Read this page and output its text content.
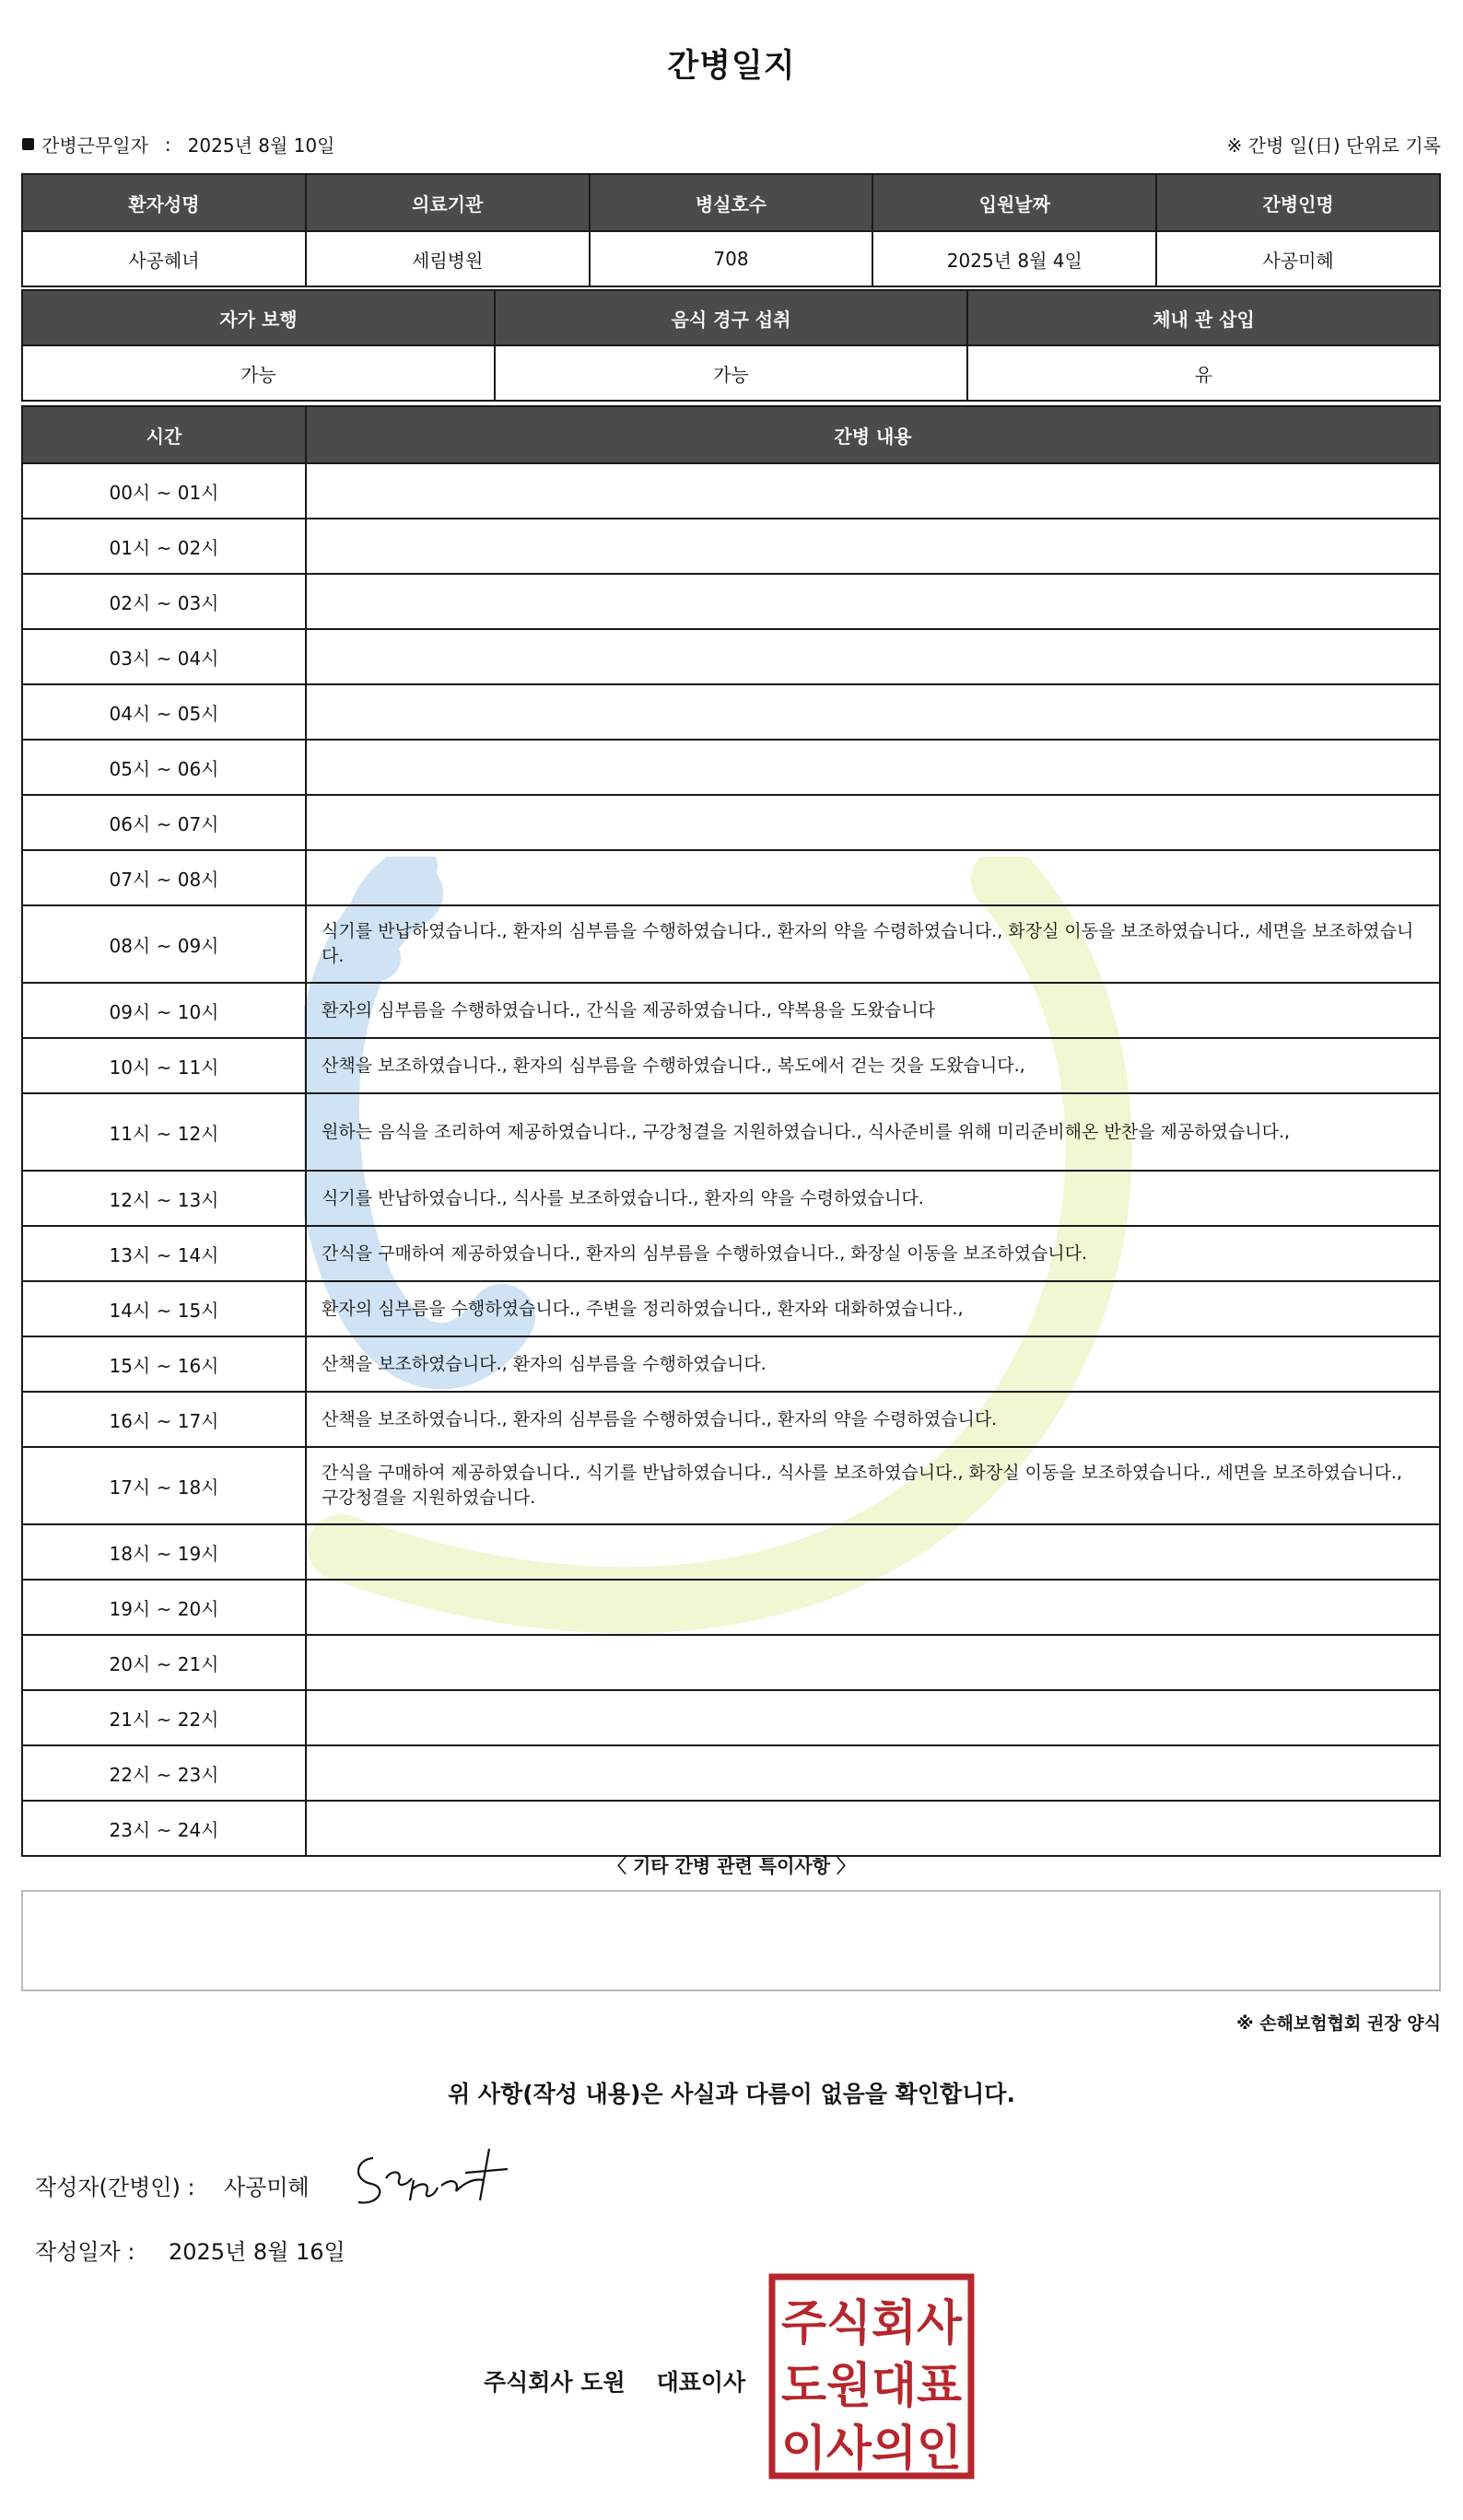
간병일지
간병근무일자 : 2025년 8월 10일	※ 간병 일(日) 단위로 기록
환자성명	의료기관	병실호수	입원날짜	간병인명
사공혜녀	세림병원	708	2025년 8월 4일	사공미혜
자가 보행	음식 경구 섭취	체내 관 삽입
가능	가능	유
시간	간병 내용
00시 ~ 01시	
01시 ~ 02시	
02시 ~ 03시	
03시 ~ 04시	
04시 ~ 05시	
05시 ~ 06시	
06시 ~ 07시	
07시 ~ 08시	
08시 ~ 09시	식기를 반납하였습니다., 환자의 심부름을 수행하였습니다., 환자의 약을 수령하였습니다., 화장실 이동을 보조하였습니다., 세면을 보조하였습니다.
09시 ~ 10시	환자의 심부름을 수행하였습니다., 간식을 제공하였습니다., 약복용을 도왔습니다
10시 ~ 11시	산책을 보조하였습니다., 환자의 심부름을 수행하였습니다., 복도에서 걷는 것을 도왔습니다.,
11시 ~ 12시	원하는 음식을 조리하여 제공하였습니다., 구강청결을 지원하였습니다., 식사준비를 위해 미리준비해온 반찬을 제공하였습니다.,
12시 ~ 13시	식기를 반납하였습니다., 식사를 보조하였습니다., 환자의 약을 수령하였습니다.
13시 ~ 14시	간식을 구매하여 제공하였습니다., 환자의 심부름을 수행하였습니다., 화장실 이동을 보조하였습니다.
14시 ~ 15시	환자의 심부름을 수행하였습니다., 주변을 정리하였습니다., 환자와 대화하였습니다.,
15시 ~ 16시	산책을 보조하였습니다., 환자의 심부름을 수행하였습니다.
16시 ~ 17시	산책을 보조하였습니다., 환자의 심부름을 수행하였습니다., 환자의 약을 수령하였습니다.
17시 ~ 18시	간식을 구매하여 제공하였습니다., 식기를 반납하였습니다., 식사를 보조하였습니다., 화장실 이동을 보조하였습니다., 세면을 보조하였습니다., 구강청결을 지원하였습니다.
18시 ~ 19시	
19시 ~ 20시	
20시 ~ 21시	
21시 ~ 22시	
22시 ~ 23시	
23시 ~ 24시	
〈 기타 간병 관련 특이사항 〉
※ 손해보험협회 권장 양식
위 사항(작성 내용)은 사실과 다름이 없음을 확인합니다.
작성자(간병인) :	사공미혜
작성일자 :	2025년 8월 16일
주식회사 도원 대표이사
주식회사
도원대표
이사의인
